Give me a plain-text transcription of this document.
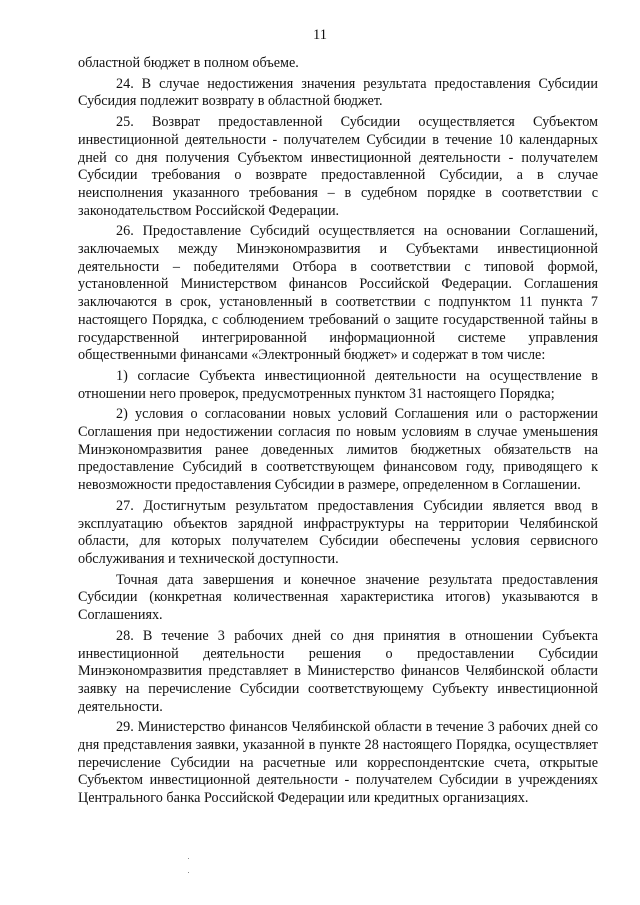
11

областной бюджет в полном объеме.

24. В случае недостижения значения результата предоставления Субсидии Субсидия подлежит возврату в областной бюджет.

25. Возврат предоставленной Субсидии осуществляется Субъектом инвестиционной деятельности - получателем Субсидии в течение 10 календарных дней со дня получения Субъектом инвестиционной деятельности - получателем Субсидии требования о возврате предоставленной Субсидии, а в случае неисполнения указанного требования – в судебном порядке в соответствии с законодательством Российской Федерации.

26. Предоставление Субсидий осуществляется на основании Соглашений, заключаемых между Минэкономразвития и Субъектами инвестиционной деятельности – победителями Отбора в соответствии с типовой формой, установленной Министерством финансов Российской Федерации. Соглашения заключаются в срок, установленный в соответствии с подпунктом 11 пункта 7 настоящего Порядка, с соблюдением требований о защите государственной тайны в государственной интегрированной информационной системе управления общественными финансами «Электронный бюджет» и содержат в том числе:

1) согласие Субъекта инвестиционной деятельности на осуществление в отношении него проверок, предусмотренных пунктом 31 настоящего Порядка;

2) условия о согласовании новых условий Соглашения или о расторжении Соглашения при недостижении согласия по новым условиям в случае уменьшения Минэкономразвития ранее доведенных лимитов бюджетных обязательств на предоставление Субсидий в соответствующем финансовом году, приводящего к невозможности предоставления Субсидии в размере, определенном в Соглашении.

27. Достигнутым результатом предоставления Субсидии является ввод в эксплуатацию объектов зарядной инфраструктуры на территории Челябинской области, для которых получателем Субсидии обеспечены условия сервисного обслуживания и технической доступности.

Точная дата завершения и конечное значение результата предоставления Субсидии (конкретная количественная характеристика итогов) указываются в Соглашениях.

28. В течение 3 рабочих дней со дня принятия в отношении Субъекта инвестиционной деятельности решения о предоставлении Субсидии Минэкономразвития представляет в Министерство финансов Челябинской области заявку на перечисление Субсидии соответствующему Субъекту инвестиционной деятельности.

29. Министерство финансов Челябинской области в течение 3 рабочих дней со дня представления заявки, указанной в пункте 28 настоящего Порядка, осуществляет перечисление Субсидии на расчетные или корреспондентские счета, открытые Субъектом инвестиционной деятельности - получателем Субсидии в учреждениях Центрального банка Российской Федерации или кредитных организациях.
